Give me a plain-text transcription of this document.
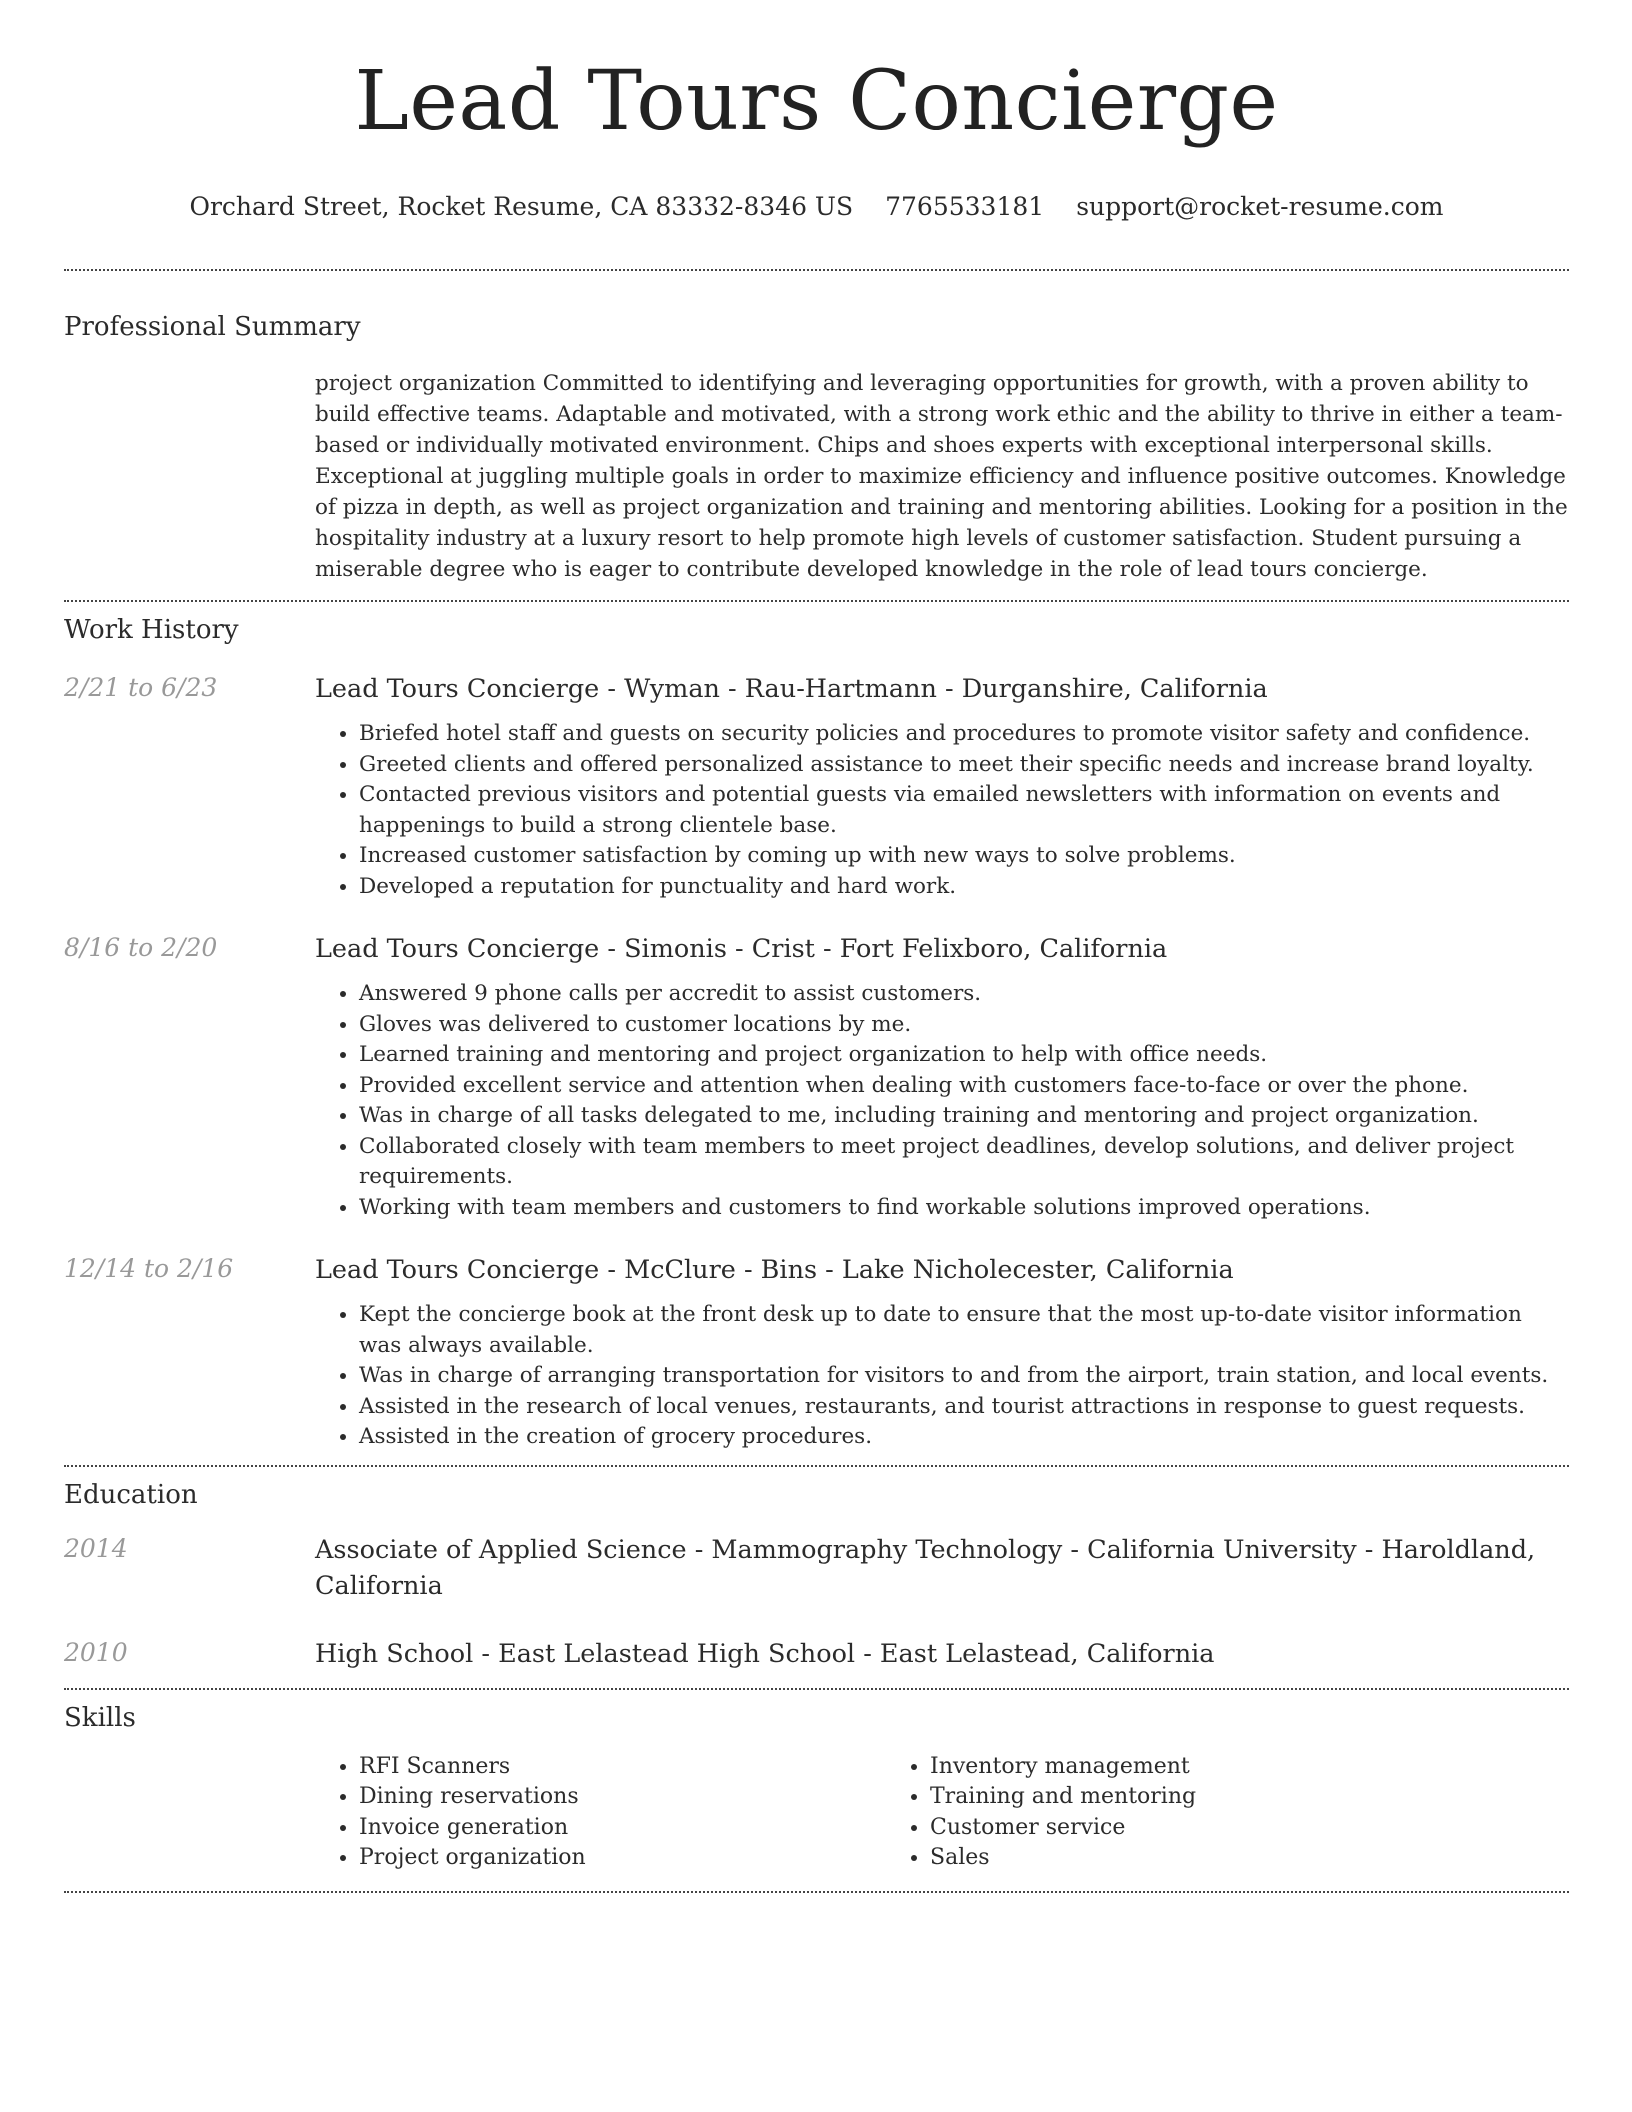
Lead Tours Concierge
Orchard Street, Rocket Resume, CA 83332-8346 US 7765533181 support@rocket-resume.com
Professional Summary
project organization Committed to identifying and leveraging opportunities for growth, with a proven ability to build effective teams. Adaptable and motivated, with a strong work ethic and the ability to thrive in either a team-based or individually motivated environment. Chips and shoes experts with exceptional interpersonal skills. Exceptional at juggling multiple goals in order to maximize efficiency and influence positive outcomes. Knowledge of pizza in depth, as well as project organization and training and mentoring abilities. Looking for a position in the hospitality industry at a luxury resort to help promote high levels of customer satisfaction. Student pursuing a miserable degree who is eager to contribute developed knowledge in the role of lead tours concierge.
Work History
2/21 to 6/23	Lead Tours Concierge - Wyman - Rau-Hartmann - Durganshire, California
• Briefed hotel staff and guests on security policies and procedures to promote visitor safety and confidence.
• Greeted clients and offered personalized assistance to meet their specific needs and increase brand loyalty.
• Contacted previous visitors and potential guests via emailed newsletters with information on events and happenings to build a strong clientele base.
• Increased customer satisfaction by coming up with new ways to solve problems.
• Developed a reputation for punctuality and hard work.
8/16 to 2/20	Lead Tours Concierge - Simonis - Crist - Fort Felixboro, California
• Answered 9 phone calls per accredit to assist customers.
• Gloves was delivered to customer locations by me.
• Learned training and mentoring and project organization to help with office needs.
• Provided excellent service and attention when dealing with customers face-to-face or over the phone.
• Was in charge of all tasks delegated to me, including training and mentoring and project organization.
• Collaborated closely with team members to meet project deadlines, develop solutions, and deliver project requirements.
• Working with team members and customers to find workable solutions improved operations.
12/14 to 2/16	Lead Tours Concierge - McClure - Bins - Lake Nicholecester, California
• Kept the concierge book at the front desk up to date to ensure that the most up-to-date visitor information was always available.
• Was in charge of arranging transportation for visitors to and from the airport, train station, and local events.
• Assisted in the research of local venues, restaurants, and tourist attractions in response to guest requests.
• Assisted in the creation of grocery procedures.
Education
2014	Associate of Applied Science - Mammography Technology - California University - Haroldland, California
2010	High School - East Lelastead High School - East Lelastead, California
Skills
• RFI Scanners
• Dining reservations
• Invoice generation
• Project organization
• Inventory management
• Training and mentoring
• Customer service
• Sales
